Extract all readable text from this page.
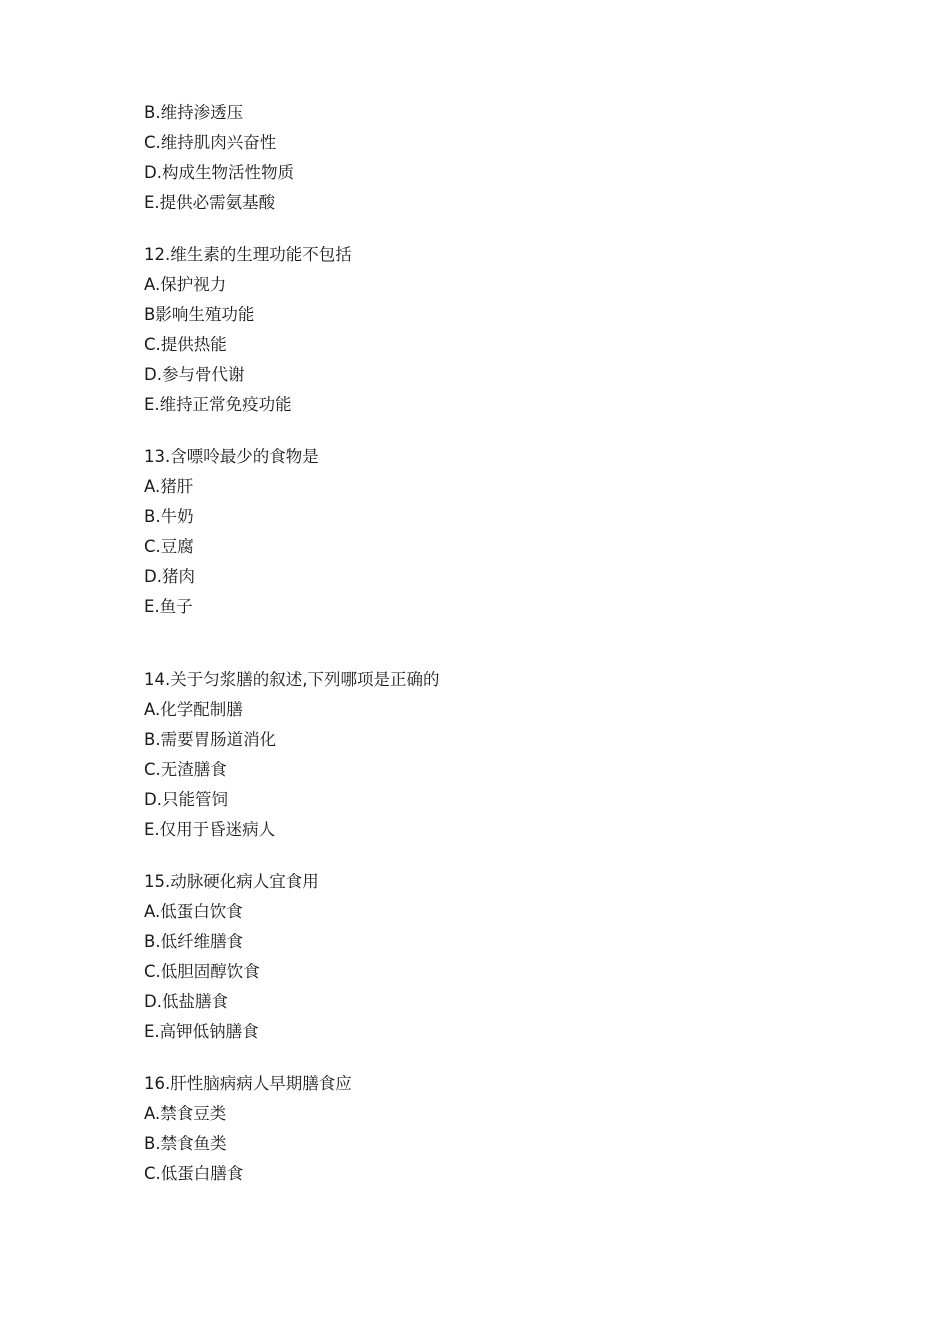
B.维持渗透压
C.维持肌肉兴奋性
D.构成生物活性物质
E.提供必需氨基酸
12.维生素的生理功能不包括
A.保护视力
B影响生殖功能
C.提供热能
D.参与骨代谢
E.维持正常免疫功能
13.含嘌呤最少的食物是
A.猪肝
B.牛奶
C.豆腐
D.猪肉
E.鱼子
14.关于匀浆膳的叙述,下列哪项是正确的
A.化学配制膳
B.需要胃肠道消化
C.无渣膳食
D.只能管饲
E.仅用于昏迷病人
15.动脉硬化病人宜食用
A.低蛋白饮食
B.低纤维膳食
C.低胆固醇饮食
D.低盐膳食
E.高钾低钠膳食
16.肝性脑病病人早期膳食应
A.禁食豆类
B.禁食鱼类
C.低蛋白膳食
